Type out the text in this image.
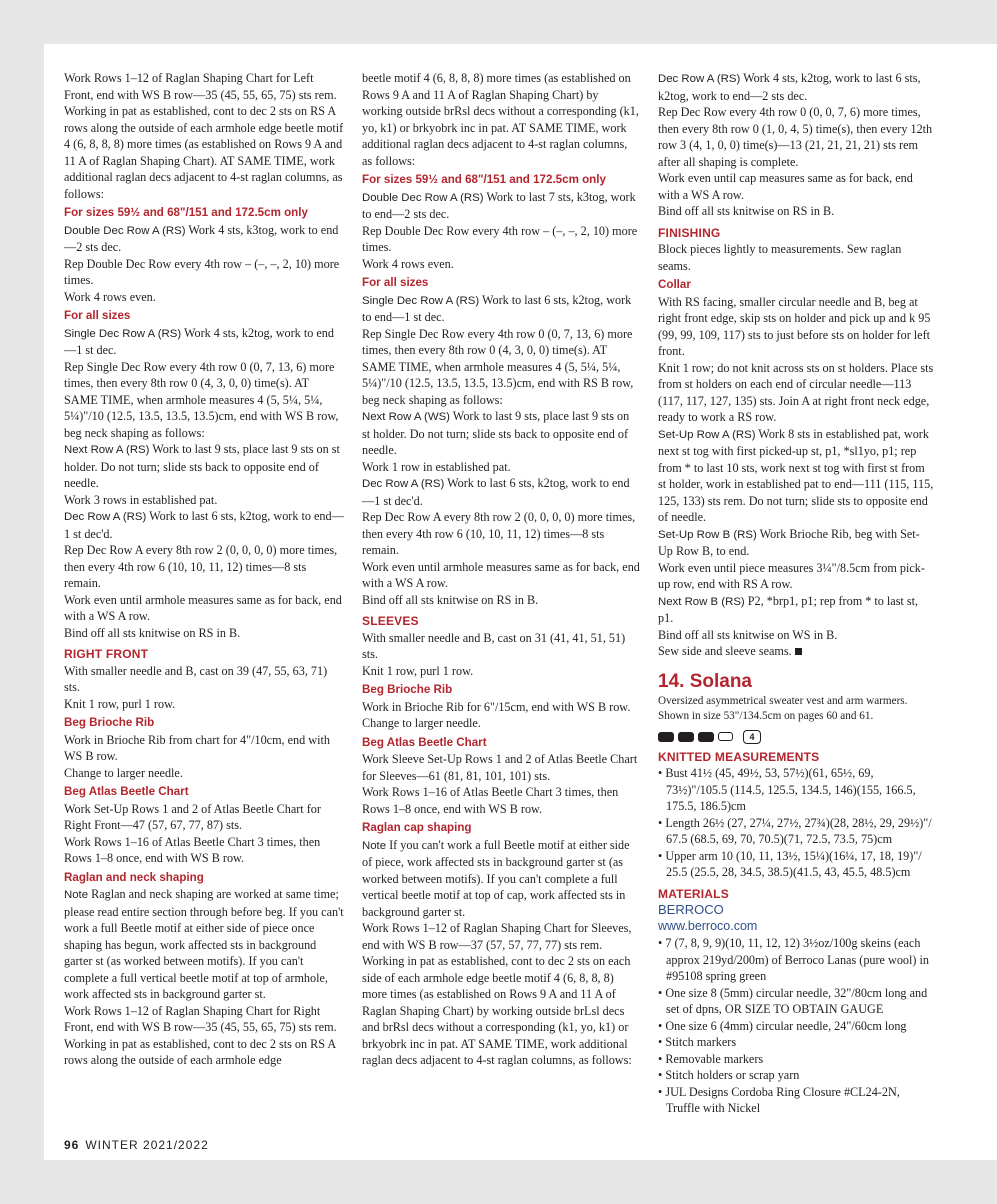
Work Rows 1–12 of Raglan Shaping Chart for Left Front, end with WS B row—35 (45, 55, 65, 75) sts rem.

Working in pat as established, cont to dec 2 sts on RS A rows along the outside of each armhole edge beetle motif 4 (6, 8, 8, 8) more times (as established on Rows 9 A and 11 A of Raglan Shaping Chart). AT SAME TIME, work additional raglan decs adjacent to 4-st raglan columns, as follows:

For sizes 59½ and 68"/151 and 172.5cm only

Double Dec Row A (RS) Work 4 sts, k3tog, work to end—2 sts dec.

Rep Double Dec Row every 4th row – (–, –, 2, 10) more times.

Work 4 rows even.

For all sizes

Single Dec Row A (RS) Work 4 sts, k2tog, work to end—1 st dec.

Rep Single Dec Row every 4th row 0 (0, 7, 13, 6) more times, then every 8th row 0 (4, 3, 0, 0) time(s). AT SAME TIME, when armhole measures 4 (5, 5¼, 5¼, 5¼)"/10 (12.5, 13.5, 13.5, 13.5)cm, end with WS B row, beg neck shaping as follows:

Next Row A (RS) Work to last 9 sts, place last 9 sts on st holder. Do not turn; slide sts back to opposite end of needle.

Work 3 rows in established pat.

Dec Row A (RS) Work to last 6 sts, k2tog, work to end—1 st dec'd.

Rep Dec Row A every 8th row 2 (0, 0, 0, 0) more times, then every 4th row 6 (10, 10, 11, 12) times—8 sts remain.

Work even until armhole measures same as for back, end with a WS A row.

Bind off all sts knitwise on RS in B.

RIGHT FRONT

With smaller needle and B, cast on 39 (47, 55, 63, 71) sts.

Knit 1 row, purl 1 row.

Beg Brioche Rib

Work in Brioche Rib from chart for 4"/10cm, end with WS B row.

Change to larger needle.

Beg Atlas Beetle Chart

Work Set-Up Rows 1 and 2 of Atlas Beetle Chart for Right Front—47 (57, 67, 77, 87) sts.

Work Rows 1–16 of Atlas Beetle Chart 3 times, then Rows 1–8 once, end with WS B row.

Raglan and neck shaping

Note Raglan and neck shaping are worked at same time; please read entire section through before beg. If you can't work a full Beetle motif at either side of piece once shaping has begun, work affected sts in background garter st (as worked between motifs). If you can't complete a full vertical beetle motif at top of armhole, work affected sts in background garter st.

Work Rows 1–12 of Raglan Shaping Chart for Right Front, end with WS B row—35 (45, 55, 65, 75) sts rem.

Working in pat as established, cont to dec 2 sts on RS A rows along the outside of each armhole edge

beetle motif 4 (6, 8, 8, 8) more times (as established on Rows 9 A and 11 A of Raglan Shaping Chart) by working outside brRsl decs without a corresponding (k1, yo, k1) or brkyobrk inc in pat. AT SAME TIME, work additional raglan decs adjacent to 4-st raglan columns, as follows:

For sizes 59½ and 68"/151 and 172.5cm only

Double Dec Row A (RS) Work to last 7 sts, k3tog, work to end—2 sts dec.

Rep Double Dec Row every 4th row – (–, –, 2, 10) more times.

Work 4 rows even.

For all sizes

Single Dec Row A (RS) Work to last 6 sts, k2tog, work to end—1 st dec.

Rep Single Dec Row every 4th row 0 (0, 7, 13, 6) more times, then every 8th row 0 (4, 3, 0, 0) time(s). AT SAME TIME, when armhole measures 4 (5, 5¼, 5¼, 5¼)"/10 (12.5, 13.5, 13.5, 13.5)cm, end with RS B row, beg neck shaping as follows:

Next Row A (WS) Work to last 9 sts, place last 9 sts on st holder. Do not turn; slide sts back to opposite end of needle.

Work 1 row in established pat.

Dec Row A (RS) Work to last 6 sts, k2tog, work to end—1 st dec'd.

Rep Dec Row A every 8th row 2 (0, 0, 0, 0) more times, then every 4th row 6 (10, 10, 11, 12) times—8 sts remain.

Work even until armhole measures same as for back, end with a WS A row.

Bind off all sts knitwise on RS in B.

SLEEVES

With smaller needle and B, cast on 31 (41, 41, 51, 51) sts.

Knit 1 row, purl 1 row.

Beg Brioche Rib

Work in Brioche Rib for 6"/15cm, end with WS B row. Change to larger needle.

Beg Atlas Beetle Chart

Work Sleeve Set-Up Rows 1 and 2 of Atlas Beetle Chart for Sleeves—61 (81, 81, 101, 101) sts.

Work Rows 1–16 of Atlas Beetle Chart 3 times, then Rows 1–8 once, end with WS B row.

Raglan cap shaping

Note If you can't work a full Beetle motif at either side of piece, work affected sts in background garter st (as worked between motifs). If you can't complete a full vertical beetle motif at top of cap, work affected sts in background garter st.

Work Rows 1–12 of Raglan Shaping Chart for Sleeves, end with WS B row—37 (57, 57, 77, 77) sts rem.

Working in pat as established, cont to dec 2 sts on each side of each armhole edge beetle motif 4 (6, 8, 8, 8) more times (as established on Rows 9 A and 11 A of Raglan Shaping Chart) by working outside brLsl decs and brRsl decs without a corresponding (k1, yo, k1) or brkyobrk inc in pat. AT SAME TIME, work additional raglan decs adjacent to 4-st raglan columns, as follows:

Dec Row A (RS) Work 4 sts, k2tog, work to last 6 sts, k2tog, work to end—2 sts dec.

Rep Dec Row every 4th row 0 (0, 0, 7, 6) more times, then every 8th row 0 (1, 0, 4, 5) time(s), then every 12th row 3 (4, 1, 0, 0) time(s)—13 (21, 21, 21, 21) sts rem after all shaping is complete.

Work even until cap measures same as for back, end with a WS A row.

Bind off all sts knitwise on RS in B.

FINISHING

Block pieces lightly to measurements. Sew raglan seams.

Collar

With RS facing, smaller circular needle and B, beg at right front edge, skip sts on holder and pick up and k 95 (99, 99, 109, 117) sts to just before sts on holder for left front.

Knit 1 row; do not knit across sts on st holders. Place sts from st holders on each end of circular needle—113 (117, 117, 127, 135) sts. Join A at right front neck edge, ready to work a RS row.

Set-Up Row A (RS) Work 8 sts in established pat, work next st tog with first picked-up st, p1, *sl1yo, p1; rep from * to last 10 sts, work next st tog with first st from st holder, work in established pat to end—111 (115, 115, 125, 133) sts rem. Do not turn; slide sts to opposite end of needle.

Set-Up Row B (RS) Work Brioche Rib, beg with Set-Up Row B, to end.

Work even until piece measures 3¼"/8.5cm from pick-up row, end with RS A row.

Next Row B (RS) P2, *brp1, p1; rep from * to last st, p1.

Bind off all sts knitwise on WS in B.

Sew side and sleeve seams.

14. Solana

Oversized asymmetrical sweater vest and arm warmers. Shown in size 53"/134.5cm on pages 60 and 61.

4

KNITTED MEASUREMENTS

• Bust 41½ (45, 49½, 53, 57½)(61, 65½, 69, 73½)"/105.5 (114.5, 125.5, 134.5, 146)(155, 166.5, 175.5, 186.5)cm

• Length 26½ (27, 27¼, 27½, 27¾)(28, 28½, 29, 29½)"/ 67.5 (68.5, 69, 70, 70.5)(71, 72.5, 73.5, 75)cm

• Upper arm 10 (10, 11, 13½, 15¼)(16¼, 17, 18, 19)"/ 25.5 (25.5, 28, 34.5, 38.5)(41.5, 43, 45.5, 48.5)cm

MATERIALS

BERROCO

www.berroco.com

• 7 (7, 8, 9, 9)(10, 11, 12, 12) 3½oz/100g skeins (each approx 219yd/200m) of Berroco Lanas (pure wool) in #95108 spring green

• One size 8 (5mm) circular needle, 32"/80cm long and set of dpns, OR SIZE TO OBTAIN GAUGE

• One size 6 (4mm) circular needle, 24"/60cm long

• Stitch markers

• Removable markers

• Stitch holders or scrap yarn

• JUL Designs Cordoba Ring Closure #CL24-2N, Truffle with Nickel

96 WINTER 2021/2022
